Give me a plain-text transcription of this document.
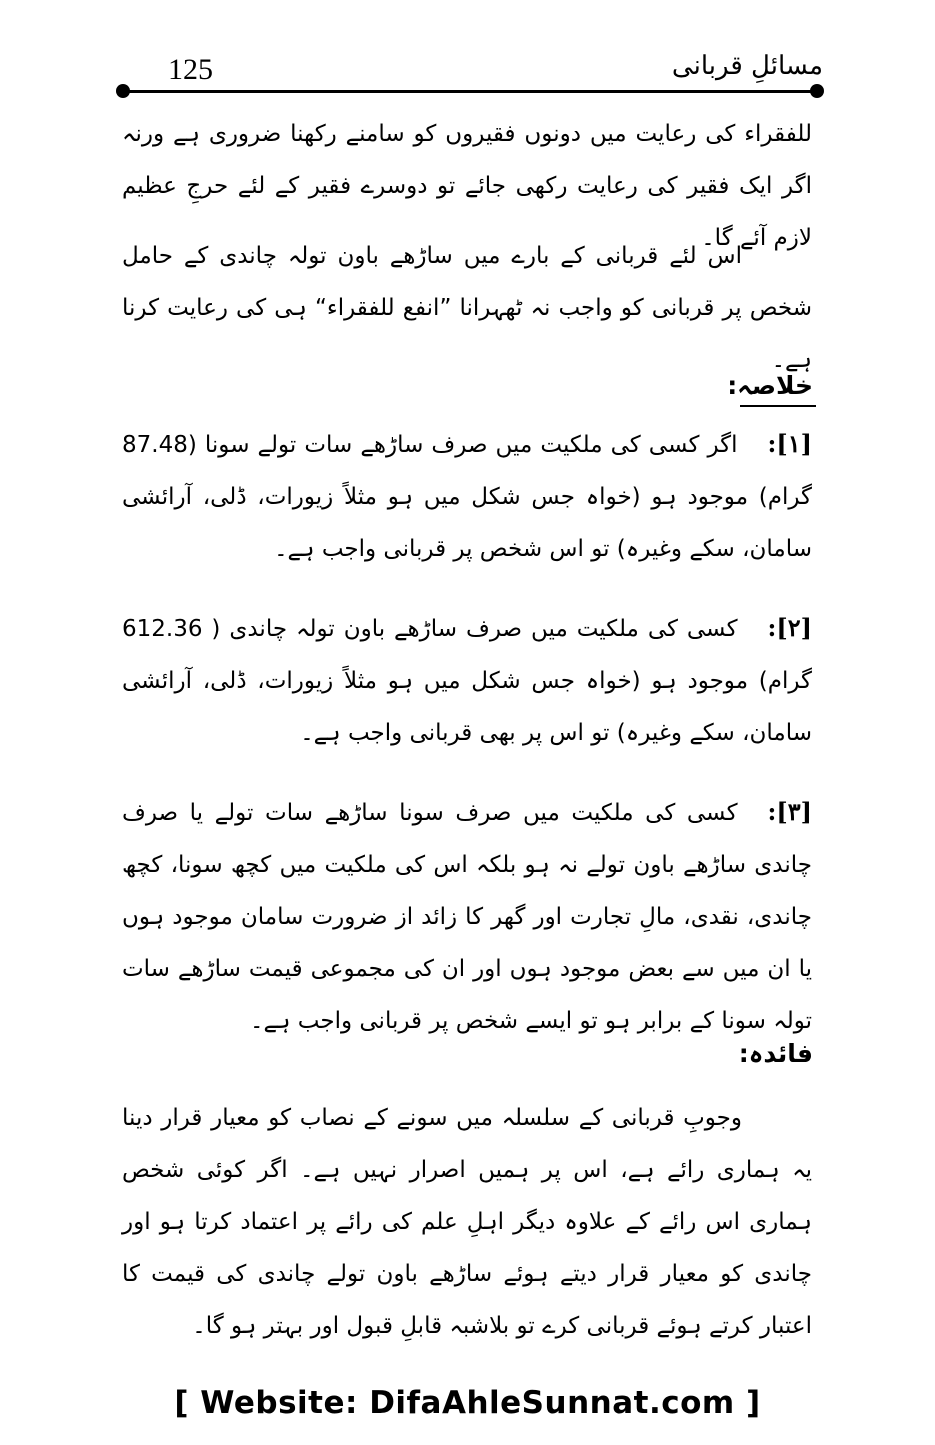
125	مسائلِ قربانی

للفقراء کی رعایت میں دونوں فقیروں کو سامنے رکھنا ضروری ہے ورنہ اگر ایک فقیر کی رعایت رکھی جائے تو دوسرے فقیر کے لئے حرجِ عظیم لازم آئے گا۔

اس لئے قربانی کے بارے میں ساڑھے باون تولہ چاندی کے حامل شخص پر قربانی کو واجب نہ ٹھہرانا ”انفع للفقراء“ ہی کی رعایت کرنا ہے۔

خلاصہ:

[۱]:اگر کسی کی ملکیت میں صرف ساڑھے سات تولے سونا (87.48 گرام) موجود ہو (خواہ جس شکل میں ہو مثلاً زیورات، ڈلی، آرائشی سامان، سکے وغیرہ) تو اس شخص پر قربانی واجب ہے۔

[۲]:کسی کی ملکیت میں صرف ساڑھے باون تولہ چاندی ( 612.36 گرام) موجود ہو (خواہ جس شکل میں ہو مثلاً زیورات، ڈلی، آرائشی سامان، سکے وغیرہ) تو اس پر بھی قربانی واجب ہے۔

[۳]:کسی کی ملکیت میں صرف سونا ساڑھے سات تولے یا صرف چاندی ساڑھے باون تولے نہ ہو بلکہ اس کی ملکیت میں کچھ سونا، کچھ چاندی، نقدی، مالِ تجارت اور گھر کا زائد از ضرورت سامان موجود ہوں یا ان میں سے بعض موجود ہوں اور ان کی مجموعی قیمت ساڑھے سات تولہ سونا کے برابر ہو تو ایسے شخص پر قربانی واجب ہے۔

فائدہ:

وجوبِ قربانی کے سلسلہ میں سونے کے نصاب کو معیار قرار دینا یہ ہماری رائے ہے، اس پر ہمیں اصرار نہیں ہے۔ اگر کوئی شخص ہماری اس رائے کے علاوہ دیگر اہلِ علم کی رائے پر اعتماد کرتا ہو اور چاندی کو معیار قرار دیتے ہوئے ساڑھے باون تولے چاندی کی قیمت کا اعتبار کرتے ہوئے قربانی کرے تو بلاشبہ قابلِ قبول اور بہتر ہو گا۔

[ Website: DifaAhleSunnat.com ]
